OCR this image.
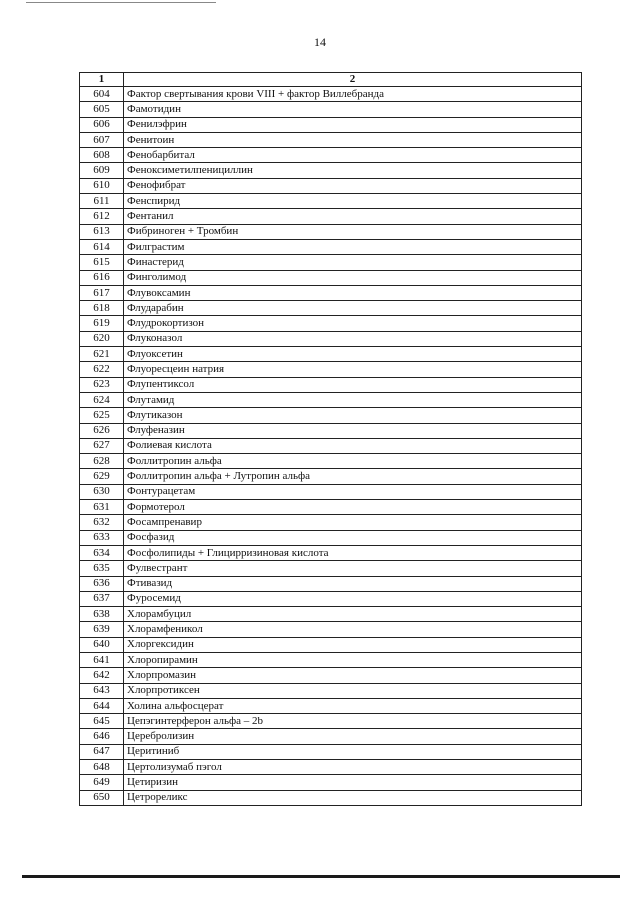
14
1	2
604	Фактор свертывания крови VIII + фактор Виллебранда
605	Фамотидин
606	Фенилэфрин
607	Фенитоин
608	Фенобарбитал
609	Феноксиметилпенициллин
610	Фенофибрат
611	Фенспирид
612	Фентанил
613	Фибриноген + Тромбин
614	Филграстим
615	Финастерид
616	Финголимод
617	Флувоксамин
618	Флударабин
619	Флудрокортизон
620	Флуконазол
621	Флуоксетин
622	Флуоресцеин натрия
623	Флупентиксол
624	Флутамид
625	Флутиказон
626	Флуфеназин
627	Фолиевая кислота
628	Фоллитропин альфа
629	Фоллитропин альфа + Лутропин альфа
630	Фонтурацетам
631	Формотерол
632	Фосампренавир
633	Фосфазид
634	Фосфолипиды + Глицирризиновая кислота
635	Фулвестрант
636	Фтивазид
637	Фуросемид
638	Хлорамбуцил
639	Хлорамфеникол
640	Хлоргексидин
641	Хлоропирамин
642	Хлорпромазин
643	Хлорпротиксен
644	Холина альфосцерат
645	Цепэгинтерферон альфа – 2b
646	Церебролизин
647	Церитиниб
648	Цертолизумаб пэгол
649	Цетиризин
650	Цетрореликс
